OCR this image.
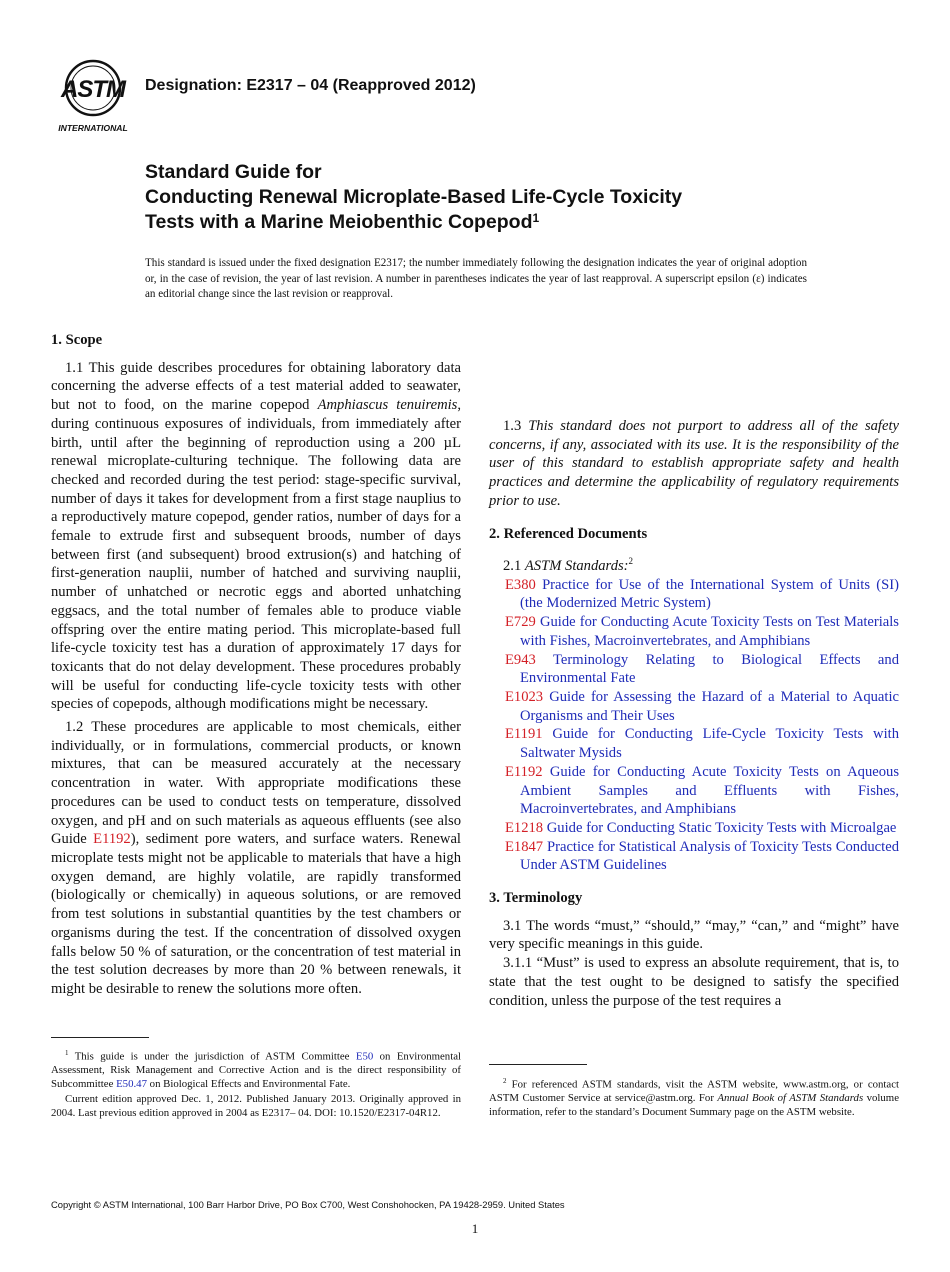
ASTM
INTERNATIONAL
Designation: E2317 – 04 (Reapproved 2012)
Standard Guide for
Conducting Renewal Microplate-Based Life-Cycle Toxicity
Tests with a Marine Meiobenthic Copepod$^1$
This standard is issued under the fixed designation E2317; the number immediately following the designation indicates the year of original adoption or, in the case of revision, the year of last revision. A number in parentheses indicates the year of last reapproval. A superscript epsilon (ε) indicates an editorial change since the last revision or reapproval.
1. Scope

1.1 This guide describes procedures for obtaining laboratory data concerning the adverse effects of a test material added to seawater, but not to food, on the marine copepod Amphiascus tenuiremis, during continuous exposures of individuals, from immediately after birth, until after the beginning of reproduction using a 200 µL renewal microplate-culturing technique. The following data are checked and recorded during the test period: stage-specific survival, number of days it takes for development from a first stage nauplius to a reproductively mature copepod, gender ratios, number of days for a female to extrude first and subsequent broods, number of days between first (and subsequent) brood extrusion(s) and hatching of first-generation nauplii, number of hatched and surviving nauplii, number of unhatched or necrotic eggs and aborted unhatching eggsacs, and the total number of females able to produce viable offspring over the entire mating period. This microplate-based full life-cycle toxicity test has a duration of approximately 17 days for toxicants that do not delay development. These procedures probably will be useful for conducting life-cycle toxicity tests with other species of copepods, although modifications might be necessary.

1.2 These procedures are applicable to most chemicals, either individually, or in formulations, commercial products, or known mixtures, that can be measured accurately at the necessary concentration in water. With appropriate modifications these procedures can be used to conduct tests on temperature, dissolved oxygen, and pH and on such materials as aqueous effluents (see also Guide E1192), sediment pore waters, and surface waters. Renewal microplate tests might not be applicable to materials that have a high oxygen demand, are highly volatile, are rapidly transformed (biologically or chemically) in aqueous solutions, or are removed from test solutions in substantial quantities by the test chambers or organisms during the test. If the concentration of dissolved oxygen falls below 50 % of saturation, or the concentration of test material in the test solution decreases by more than 20 % between renewals, it might be desirable to renew the solutions more often.

1.3 This standard does not purport to address all of the safety concerns, if any, associated with its use. It is the responsibility of the user of this standard to establish appropriate safety and health practices and determine the applicability of regulatory requirements prior to use.

2. Referenced Documents

2.1 ASTM Standards:$^2$

E380 Practice for Use of the International System of Units (SI) (the Modernized Metric System)

E729 Guide for Conducting Acute Toxicity Tests on Test Materials with Fishes, Macroinvertebrates, and Amphibians

E943 Terminology Relating to Biological Effects and Environmental Fate

E1023 Guide for Assessing the Hazard of a Material to Aquatic Organisms and Their Uses

E1191 Guide for Conducting Life-Cycle Toxicity Tests with Saltwater Mysids

E1192 Guide for Conducting Acute Toxicity Tests on Aqueous Ambient Samples and Effluents with Fishes, Macroinvertebrates, and Amphibians

E1218 Guide for Conducting Static Toxicity Tests with Microalgae

E1847 Practice for Statistical Analysis of Toxicity Tests Conducted Under ASTM Guidelines

3. Terminology

3.1 The words “must,” “should,” “may,” “can,” and “might” have very specific meanings in this guide.

3.1.1 “Must” is used to express an absolute requirement, that is, to state that the test ought to be designed to satisfy the specified condition, unless the purpose of the test requires a

$^1$ This guide is under the jurisdiction of ASTM Committee E50 on Environmental Assessment, Risk Management and Corrective Action and is the direct responsibility of Subcommittee E50.47 on Biological Effects and Environmental Fate.

Current edition approved Dec. 1, 2012. Published January 2013. Originally approved in 2004. Last previous edition approved in 2004 as E2317– 04. DOI: 10.1520/E2317-04R12.

$^2$ For referenced ASTM standards, visit the ASTM website, www.astm.org, or contact ASTM Customer Service at service@astm.org. For Annual Book of ASTM Standards volume information, refer to the standard’s Document Summary page on the ASTM website.

Copyright © ASTM International, 100 Barr Harbor Drive, PO Box C700, West Conshohocken, PA 19428-2959. United States
1
